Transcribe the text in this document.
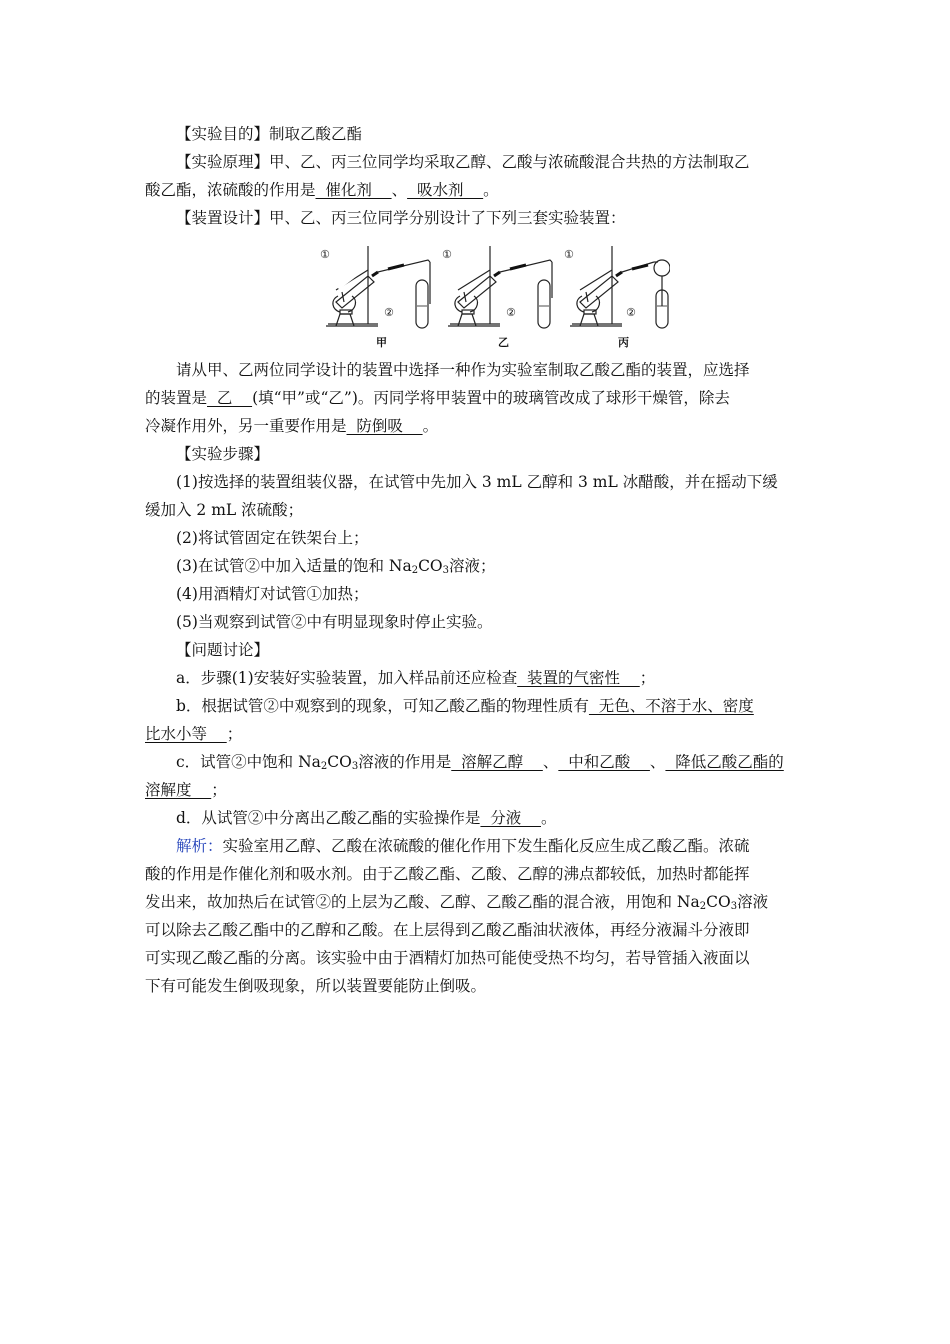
【实验目的】制取乙酸乙酯
【实验原理】甲、乙、丙三位同学均采取乙醇、乙酸与浓硫酸混合共热的方法制取乙
酸乙酯，浓硫酸的作用是  催化剂    、  吸水剂    。
【装置设计】甲、乙、丙三位同学分别设计了下列三套实验装置：
①
②
①
②
①
②
甲	乙	丙
请从甲、乙两位同学设计的装置中选择一种作为实验室制取乙酸乙酯的装置，应选择
的装置是  乙    (填“甲”或“乙”)。丙同学将甲装置中的玻璃管改成了球形干燥管，除去
冷凝作用外，另一重要作用是  防倒吸    。
【实验步骤】
(1)按选择的装置组装仪器，在试管中先加入 3 mL 乙醇和 3 mL 冰醋酸，并在摇动下缓
缓加入 2 mL 浓硫酸；
(2)将试管固定在铁架台上；
(3)在试管②中加入适量的饱和 $Na_2CO_3$溶液；
(4)用酒精灯对试管①加热；
(5)当观察到试管②中有明显现象时停止实验。
【问题讨论】
a．步骤(1)安装好实验装置，加入样品前还应检查  装置的气密性    ；
b．根据试管②中观察到的现象，可知乙酸乙酯的物理性质有  无色、不溶于水、密度
比水小等    ；
c．试管②中饱和 $Na_2CO_3$溶液的作用是  溶解乙醇    、  中和乙酸    、  降低乙酸乙酯的
溶解度    ；
d．从试管②中分离出乙酸乙酯的实验操作是  分液    。
解析：实验室用乙醇、乙酸在浓硫酸的催化作用下发生酯化反应生成乙酸乙酯。浓硫
酸的作用是作催化剂和吸水剂。由于乙酸乙酯、乙酸、乙醇的沸点都较低，加热时都能挥
发出来，故加热后在试管②的上层为乙酸、乙醇、乙酸乙酯的混合液，用饱和 $Na_2CO_3$溶液
可以除去乙酸乙酯中的乙醇和乙酸。在上层得到乙酸乙酯油状液体，再经分液漏斗分液即
可实现乙酸乙酯的分离。该实验中由于酒精灯加热可能使受热不均匀，若导管插入液面以
下有可能发生倒吸现象，所以装置要能防止倒吸。
